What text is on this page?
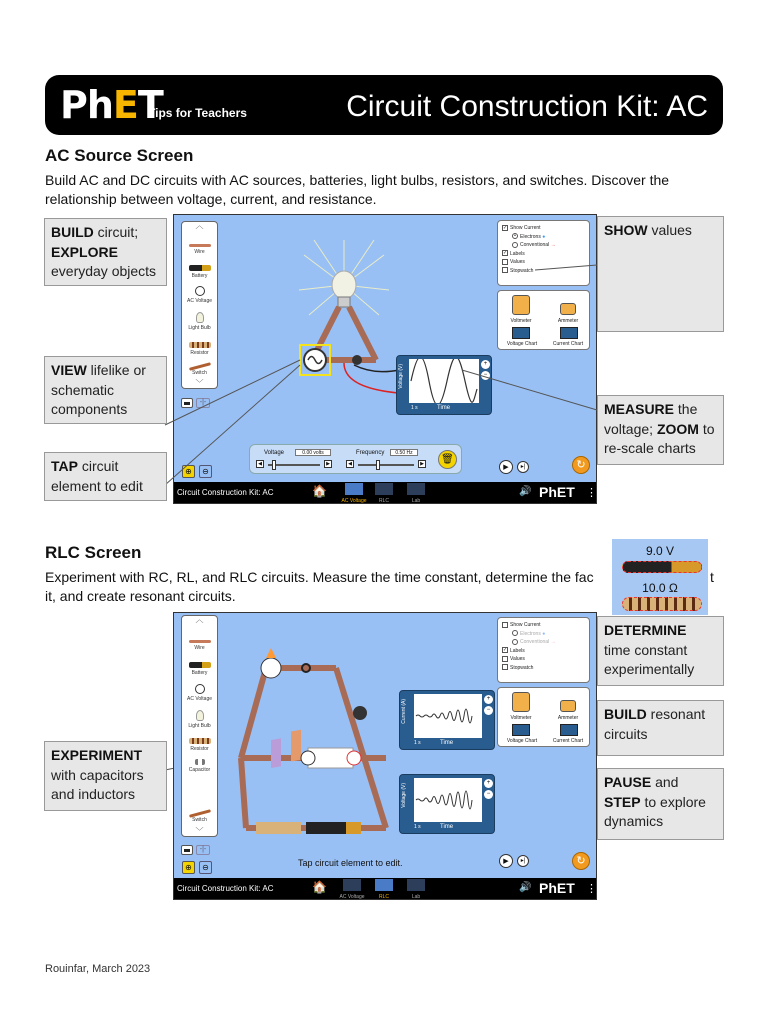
PhET
Tips for Teachers	Circuit Construction Kit: AC
AC Source Screen
Build AC and DC circuits with AC sources, batteries, light bulbs, resistors, and switches. Discover the relationship between voltage, current, and resistance.
︿
Wire
Battery
AC Voltage
Light Bulb
Resistor
Switch
﹀
-|-
✓ Show Current
• Electrons ●
Conventional →
✓ Labels
Values
Stopwatch
Voltmeter	Ammeter
Voltage Chart	Current Chart
Voltage (V)
1 s	Time
+
−
Voltage	0.00 volts
◀	▶
Frequency	0.50 Hz
◀	▶	🗑
⊕	⊖	▶	▸|	↻
Circuit Construction Kit: AC	🏠
AC Voltage	RLC	Lab
🔊 PhET ⋮
BUILD circuit;
EXPLORE
everyday objects
VIEW lifelike or schematic components
TAP circuit element to edit
SHOW values
MEASURE the voltage; ZOOM to re-scale charts
RLC Screen
Experiment with RC, RL, and RLC circuits. Measure the time constant, determine the fac	t
it, and create resonant circuits.
9.0 V
10.0 Ω
︿
Wire
Battery
AC Voltage
Light Bulb
Resistor
Capacitor
Switch
﹀
-|-
Show Current
Electrons ●
Conventional →
✓ Labels
Values
Stopwatch
Voltmeter	Ammeter
Voltage Chart	Current Chart
Current (A)
1 s	Time
+
−
Voltage (V)
1 s	Time
+
−
⊕	⊖	Tap circuit element to edit.	▶	▸|	↻
Circuit Construction Kit: AC	🏠
AC Voltage	RLC	Lab
🔊 PhET ⋮
EXPERIMENT
with capacitors and inductors
DETERMINE
time constant experimentally
BUILD resonant circuits
PAUSE and STEP to explore dynamics
Rouinfar, March 2023
